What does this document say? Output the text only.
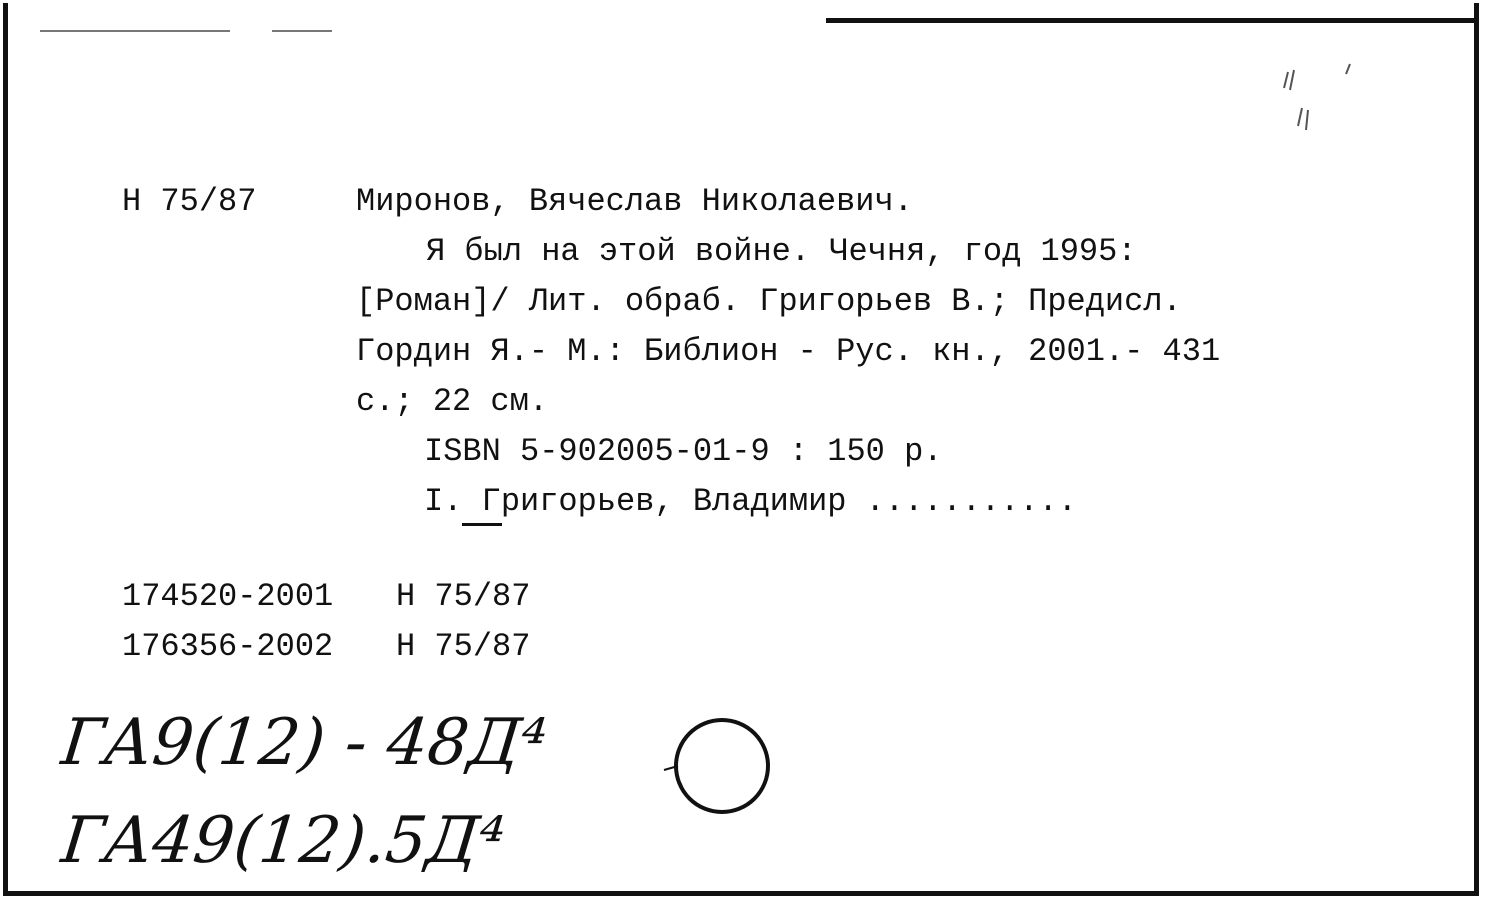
Н 75/87	Миронов, Вячеслав Николаевич.
Я был на этой войне. Чечня, год 1995:
[Роман]/ Лит. обраб. Григорьев В.; Предисл.
Гордин Я.- М.: Библион - Рус. кн., 2001.- 431
с.; 22 см.
ISBN 5-902005-01-9 : 150 р.
I. Григорьев, Владимир ...........
174520-2001 Н 75/87
176356-2002 Н 75/87
ГА9(12) - 48Д⁴
ГА49(12).5Д⁴
